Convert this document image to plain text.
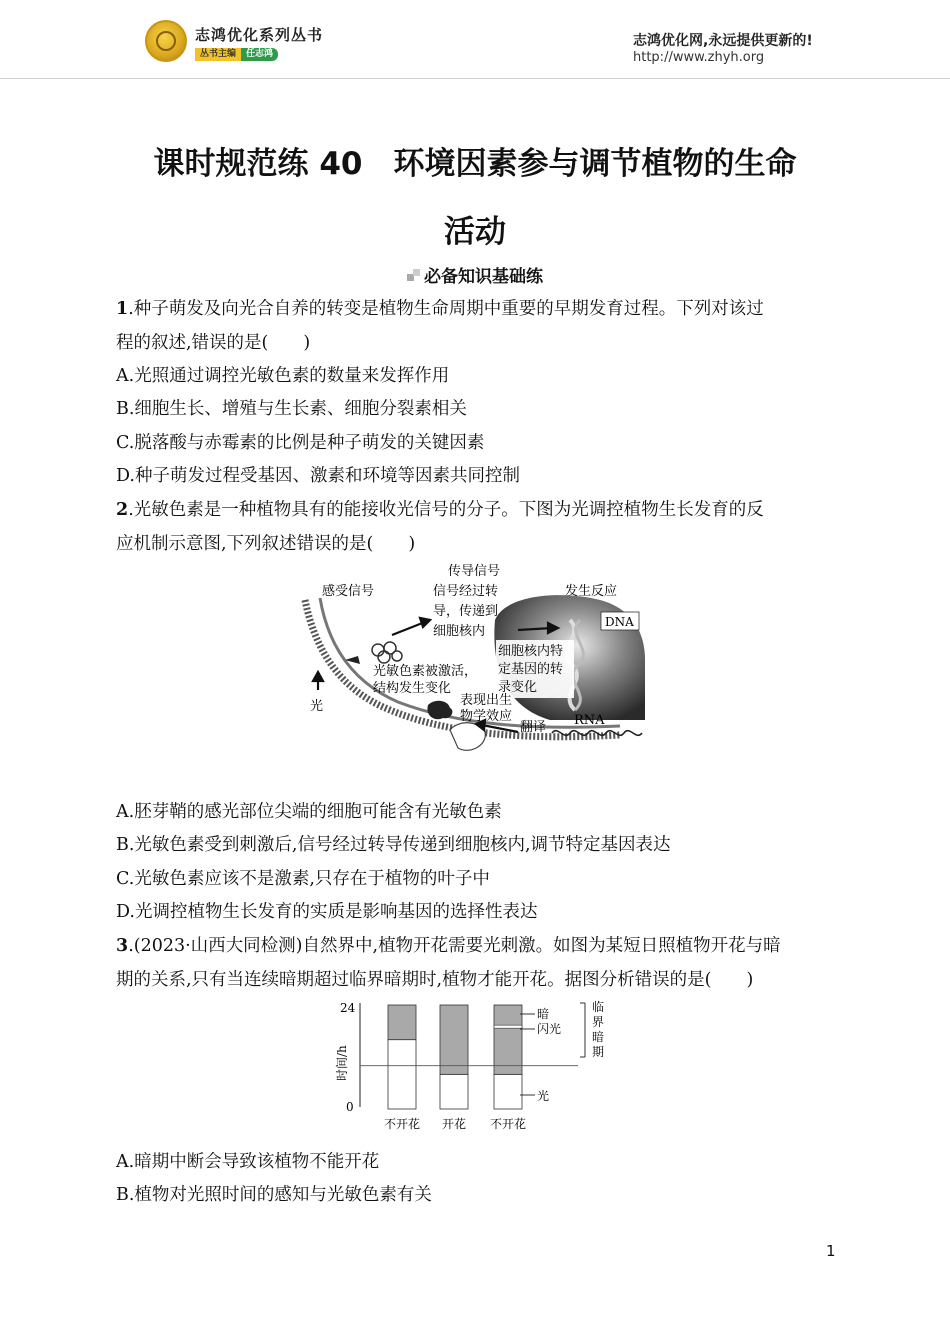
志鸿优化系列丛书
丛书主编	任志鸿
志鸿优化网,永远提供更新的!
http://www.zhyh.org
课时规范练 40　环境因素参与调节植物的生命
活动
必备知识基础练
1.种子萌发及向光合自养的转变是植物生命周期中重要的早期发育过程。下列对该过
程的叙述,错误的是(　　)
A.光照通过调控光敏色素的数量来发挥作用
B.细胞生长、增殖与生长素、细胞分裂素相关
C.脱落酸与赤霉素的比例是种子萌发的关键因素
D.种子萌发过程受基因、激素和环境等因素共同控制
2.光敏色素是一种植物具有的能接收光信号的分子。下图为光调控植物生长发育的反
应机制示意图,下列叙述错误的是(　　)
DNA
感受信号
传导信号
信号经过转
导，传递到
细胞核内
发生反应
细胞核内特
定基因的转
录变化
光敏色素被激活，
结构发生变化
光	表现出生
物学效应
翻译 RNA
A.胚芽鞘的感光部位尖端的细胞可能含有光敏色素
B.光敏色素受到刺激后,信号经过转导传递到细胞核内,调节特定基因表达
C.光敏色素应该不是激素,只存在于植物的叶子中
D.光调控植物生长发育的实质是影响基因的选择性表达
3.(2023·山西大同检测)自然界中,植物开花需要光刺激。如图为某短日照植物开花与暗
期的关系,只有当连续暗期超过临界暗期时,植物才能开花。据图分析错误的是(　　)
24
0
时间/h
不开花 开花 不开花
暗
闪光
光
临
界
暗
期
A.暗期中断会导致该植物不能开花
B.植物对光照时间的感知与光敏色素有关
1
